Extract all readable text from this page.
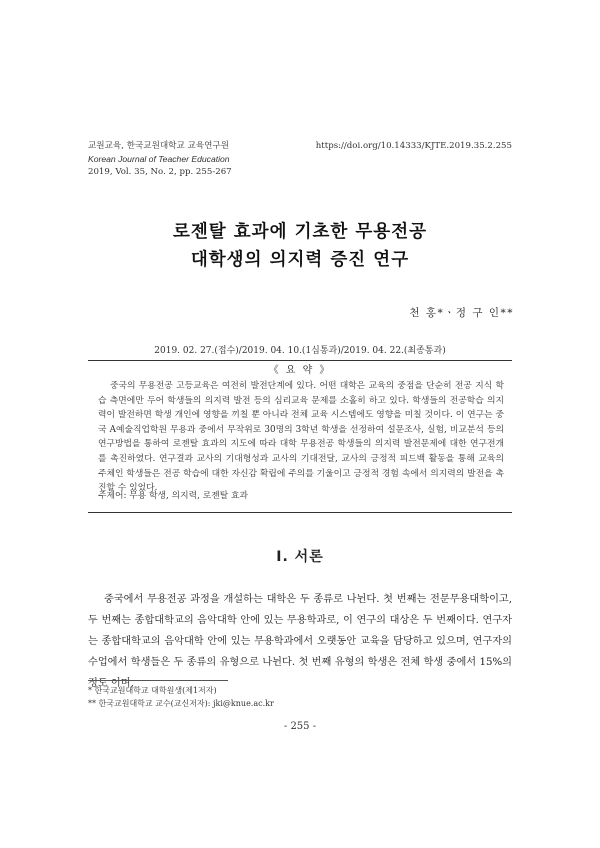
교원교육, 한국교원대학교 교육연구원
Korean Journal of Teacher Education
2019, Vol. 35, No. 2, pp. 255-267
https://doi.org/10.14333/KJTE.2019.35.2.255
로젠탈 효과에 기초한 무용전공
대학생의 의지력 증진 연구
천 홍*ㆍ정 구 인**
2019. 02. 27.(접수)/2019. 04. 10.(1심통과)/2019. 04. 22.(최종통과)
《 요 약 》
중국의 무용전공 고등교육은 여전히 발전단계에 있다. 어떤 대학은 교육의 중점을 단순히 전공 지식 학습 측면에만 두어 학생들의 의지력 발전 등의 심리교육 문제를 소홀히 하고 있다. 학생들의 전공학습 의지력이 발전하면 학생 개인에 영향을 끼칠 뿐 아니라 전체 교육 시스템에도 영향을 미칠 것이다. 이 연구는 중국 A예술직업학원 무용과 중에서 무작위로 30명의 3학년 학생을 선정하여 설문조사, 실험, 비교분석 등의 연구방법을 통하여 로젠탈 효과의 지도에 따라 대학 무용전공 학생들의 의지력 발전문제에 대한 연구전개를 촉진하였다. 연구결과 교사의 기대형성과 교사의 기대전달, 교사의 긍정적 피드백 활동을 통해 교육의 주체인 학생들은 전공 학습에 대한 자신감 확립에 주의를 기울이고 긍정적 경험 속에서 의지력의 발전을 촉진할 수 있었다.
주제어: 무용 학생, 의지력, 로젠탈 효과
Ⅰ. 서론
중국에서 무용전공 과정을 개설하는 대학은 두 종류로 나뉜다. 첫 번째는 전문무용대학이고, 두 번째는 종합대학교의 음악대학 안에 있는 무용학과로, 이 연구의 대상은 두 번째이다. 연구자는 종합대학교의 음악대학 안에 있는 무용학과에서 오랫동안 교육을 담당하고 있으며, 연구자의 수업에서 학생들은 두 종류의 유형으로 나뉜다. 첫 번째 유형의 학생은 전체 학생 중에서 15%의 정도 이며,
* 한국교원대학교 대학원생(제1저자)
** 한국교원대학교 교수(교신저자): jki@knue.ac.kr
- 255 -
